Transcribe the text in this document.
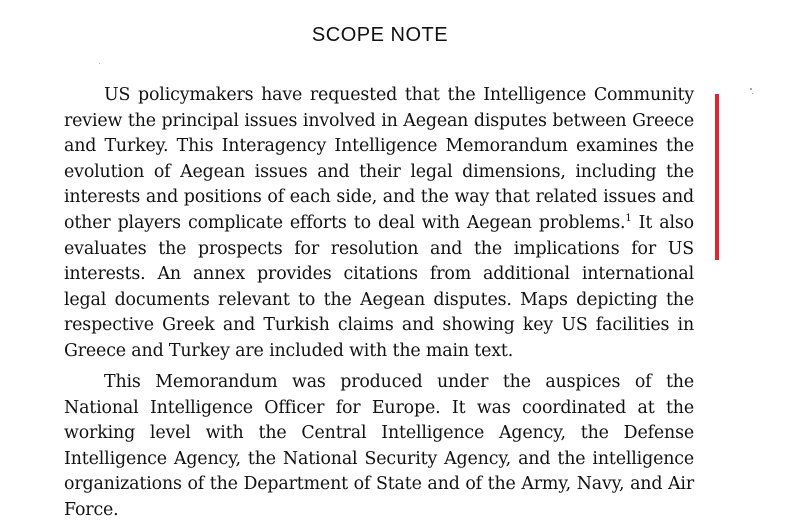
SCOPE NOTE

US policymakers have requested that the Intelligence Community review the principal issues involved in Aegean disputes between Greece and Turkey. This Interagency Intelligence Memorandum examines the evolution of Aegean issues and their legal dimensions, including the interests and positions of each side, and the way that related issues and other players complicate efforts to deal with Aegean problems.$^1$ It also evaluates the prospects for resolution and the implications for US interests. An annex provides citations from additional international legal documents relevant to the Aegean disputes. Maps depicting the respective Greek and Turkish claims and showing key US facilities in Greece and Turkey are included with the main text.

This Memorandum was produced under the auspices of the National Intelligence Officer for Europe. It was coordinated at the working level with the Central Intelligence Agency, the Defense Intelligence Agency, the National Security Agency, and the intelligence organizations of the Department of State and of the Army, Navy, and Air Force.
